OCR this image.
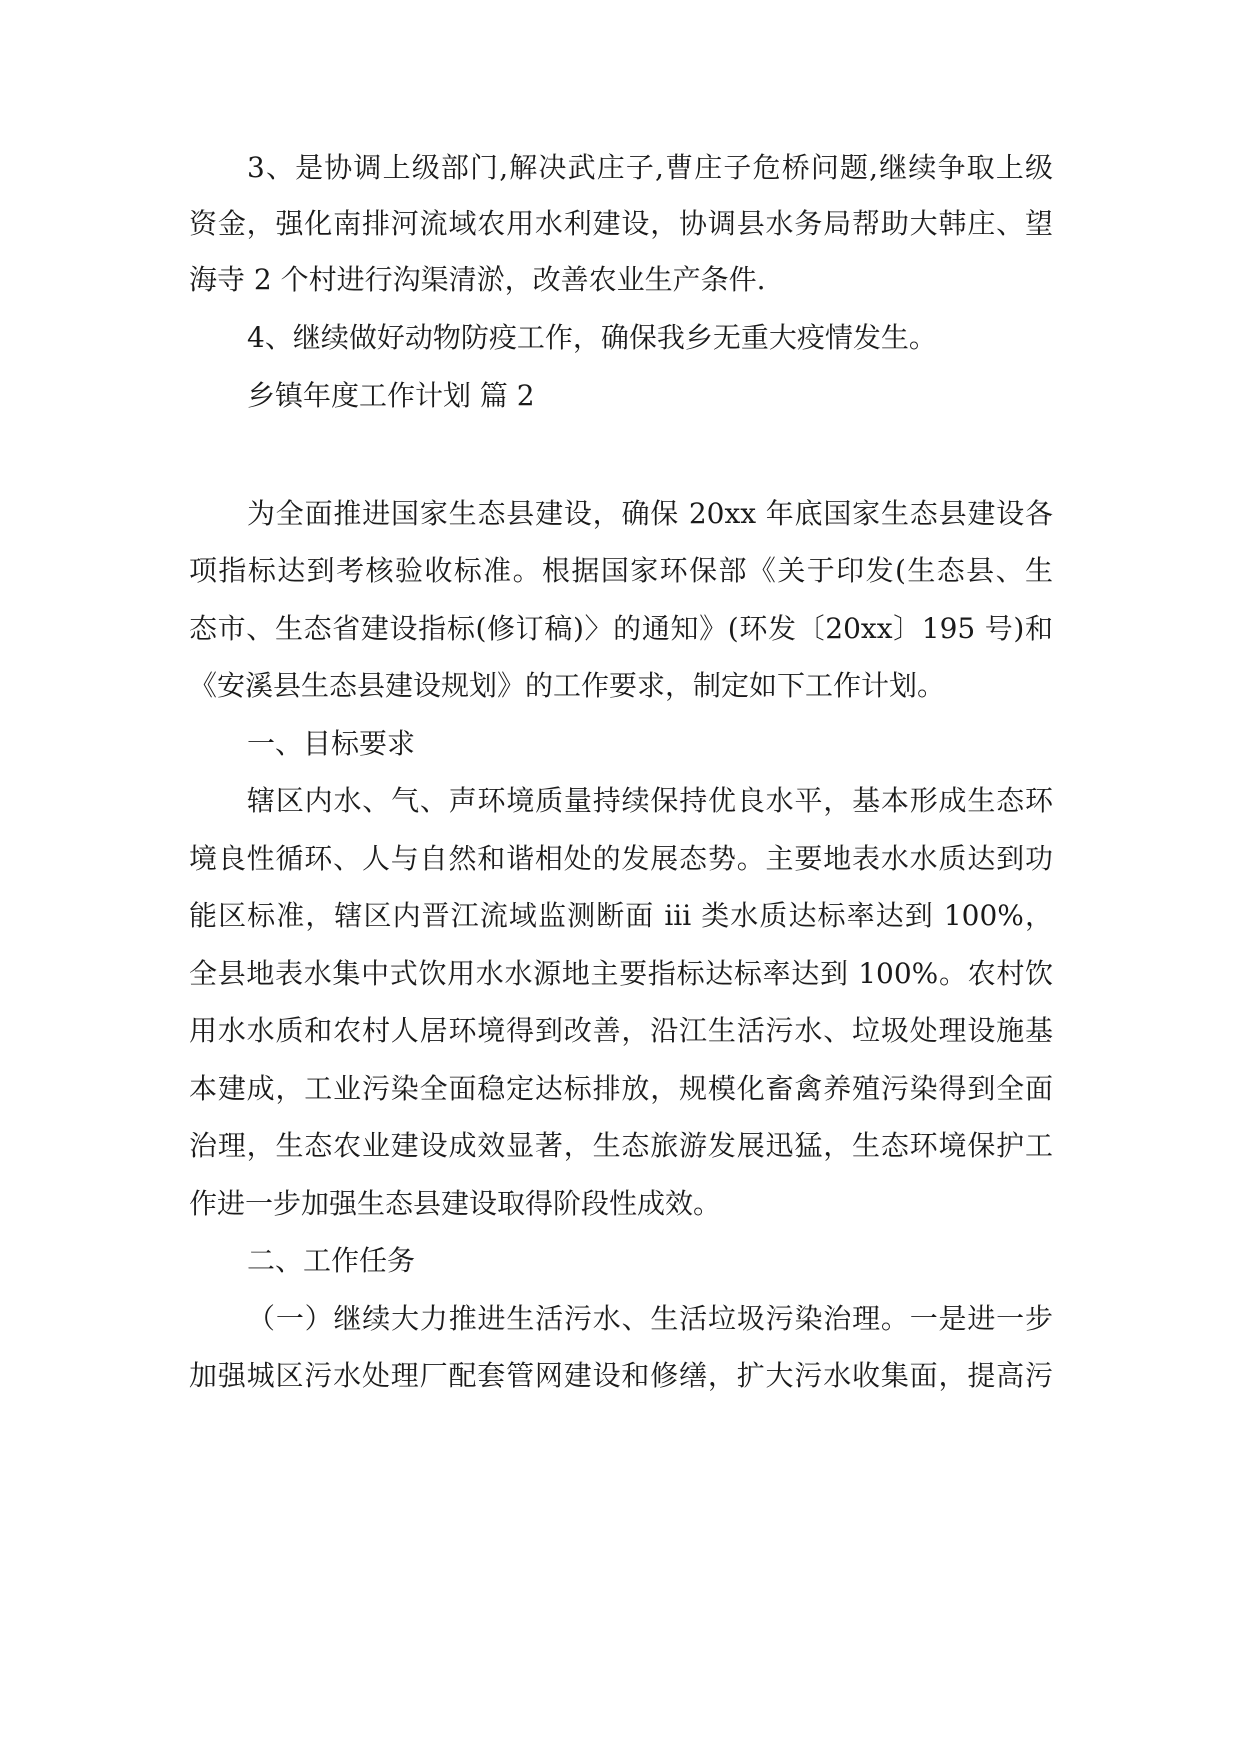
3、是协调上级部门,解决武庄子,曹庄子危桥问题,继续争取上级
资金，强化南排河流域农用水利建设，协调县水务局帮助大韩庄、望
海寺 2 个村进行沟渠清淤，改善农业生产条件.
4、继续做好动物防疫工作，确保我乡无重大疫情发生。
乡镇年度工作计划 篇 2
为全面推进国家生态县建设，确保 20xx 年底国家生态县建设各
项指标达到考核验收标准。根据国家环保部《关于印发(生态县、生
态市、生态省建设指标(修订稿)〉的通知》(环发〔20xx〕195 号)和
《安溪县生态县建设规划》的工作要求，制定如下工作计划。
一、目标要求
辖区内水、气、声环境质量持续保持优良水平，基本形成生态环
境良性循环、人与自然和谐相处的发展态势。主要地表水水质达到功
能区标准，辖区内晋江流域监测断面 iii 类水质达标率达到 100%，
全县地表水集中式饮用水水源地主要指标达标率达到 100%。农村饮
用水水质和农村人居环境得到改善，沿江生活污水、垃圾处理设施基
本建成，工业污染全面稳定达标排放，规模化畜禽养殖污染得到全面
治理，生态农业建设成效显著，生态旅游发展迅猛，生态环境保护工
作进一步加强生态县建设取得阶段性成效。
二、工作任务
（一）继续大力推进生活污水、生活垃圾污染治理。一是进一步
加强城区污水处理厂配套管网建设和修缮，扩大污水收集面，提高污
